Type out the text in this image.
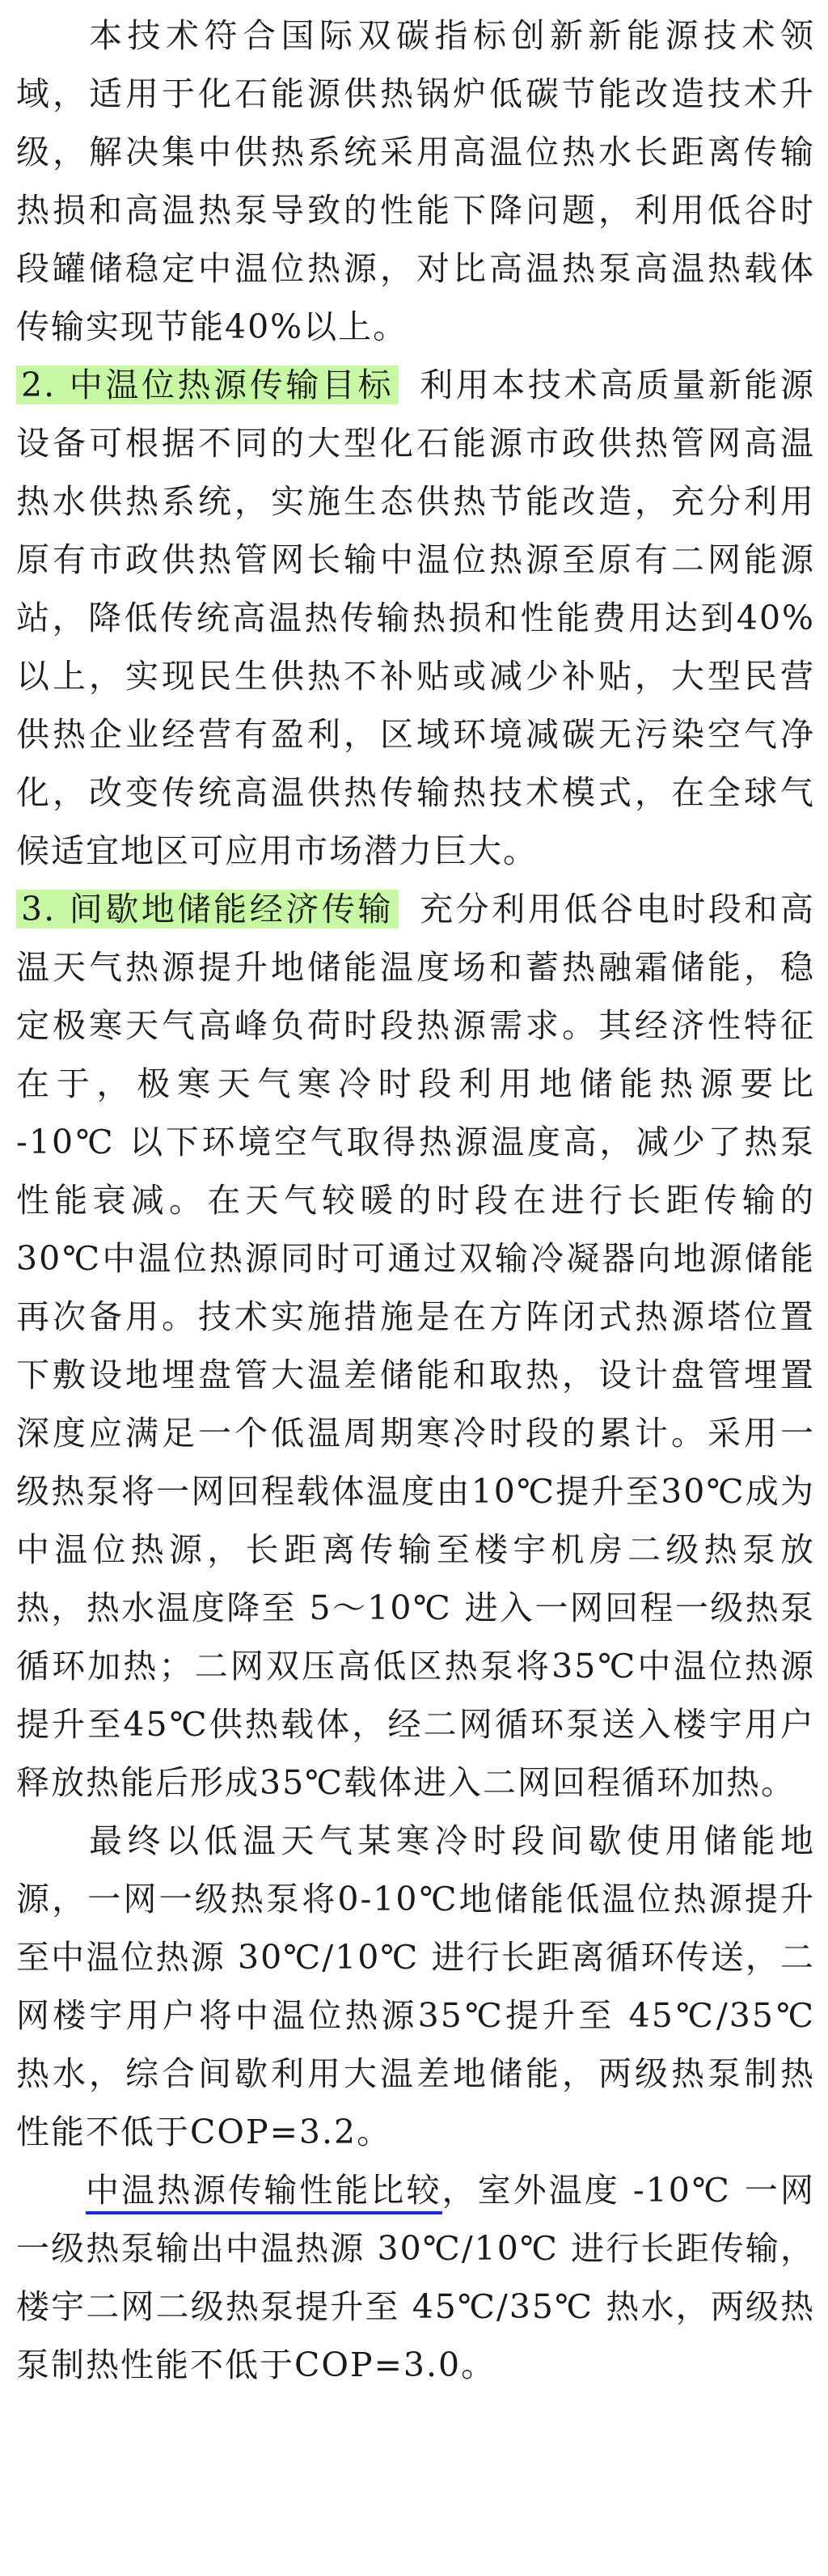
本技术符合国际双碳指标创新新能源技术领域，适用于化石能源供热锅炉低碳节能改造技术升级，解决集中供热系统采用高温位热水长距离传输热损和高温热泵导致的性能下降问题，利用低谷时段罐储稳定中温位热源，对比高温热泵高温热载体传输实现节能40%以上。

2. 中温位热源传输目标 利用本技术高质量新能源设备可根据不同的大型化石能源市政供热管网高温热水供热系统，实施生态供热节能改造，充分利用原有市政供热管网长输中温位热源至原有二网能源站，降低传统高温热传输热损和性能费用达到40%以上，实现民生供热不补贴或减少补贴，大型民营供热企业经营有盈利，区域环境减碳无污染空气净化，改变传统高温供热传输热技术模式，在全球气候适宜地区可应用市场潜力巨大。

3. 间歇地储能经济传输 充分利用低谷电时段和高温天气热源提升地储能温度场和蓄热融霜储能，稳定极寒天气高峰负荷时段热源需求。其经济性特征在于，极寒天气寒冷时段利用地储能热源要比 -10℃ 以下环境空气取得热源温度高，减少了热泵性能衰减。在天气较暖的时段在进行长距传输的30℃中温位热源同时可通过双输冷凝器向地源储能再次备用。技术实施措施是在方阵闭式热源塔位置下敷设地埋盘管大温差储能和取热，设计盘管埋置深度应满足一个低温周期寒冷时段的累计。采用一级热泵将一网回程载体温度由10℃提升至30℃成为中温位热源，长距离传输至楼宇机房二级热泵放热，热水温度降至 5～10℃ 进入一网回程一级热泵循环加热；二网双压高低区热泵将35℃中温位热源提升至45℃供热载体，经二网循环泵送入楼宇用户释放热能后形成35℃载体进入二网回程循环加热。

最终以低温天气某寒冷时段间歇使用储能地源，一网一级热泵将0-10℃地储能低温位热源提升至中温位热源 30℃/10℃ 进行长距离循环传送，二网楼宇用户将中温位热源35℃提升至 45℃/35℃ 热水，综合间歇利用大温差地储能，两级热泵制热性能不低于COP=3.2。

中温热源传输性能比较，室外温度 -10℃ 一网一级热泵输出中温热源 30℃/10℃ 进行长距传输，楼宇二网二级热泵提升至 45℃/35℃ 热水，两级热泵制热性能不低于COP=3.0。
